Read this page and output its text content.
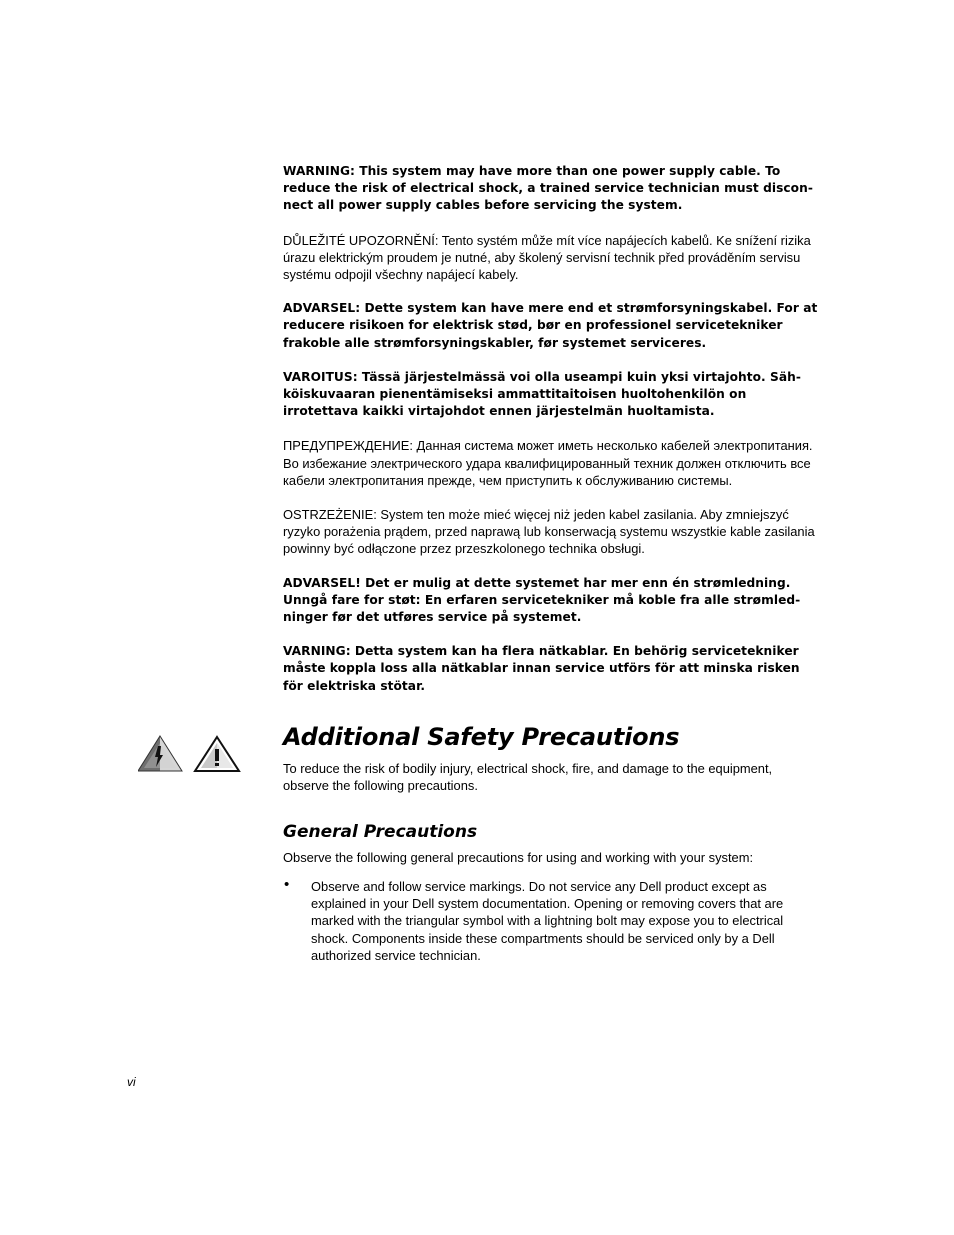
WARNING: This system may have more than one power supply cable. To reduce the risk of electrical shock, a trained service technician must discon-nect all power supply cables before servicing the system.

DŮLEŽITÉ UPOZORNĚNÍ: Tento systém může mít více napájecích kabelů. Ke snížení rizika úrazu elektrickým proudem je nutné, aby školený servisní technik před prováděním servisu systému odpojil všechny napájecí kabely.

ADVARSEL: Dette system kan have mere end et strømforsyningskabel. For at reducere risikoen for elektrisk stød, bør en professionel servicetekniker frakoble alle strømforsyningskabler, før systemet serviceres.

VAROITUS: Tässä järjestelmässä voi olla useampi kuin yksi virtajohto. Säh-köiskuvaaran pienentämiseksi ammattitaitoisen huoltohenkilön on irrotettava kaikki virtajohdot ennen järjestelmän huoltamista.

ПРЕДУПРЕЖДЕНИЕ: Данная система может иметь несколько кабелей электропитания. Во избежание электрического удара квалифицированный техник должен отключить все кабели электропитания прежде, чем приступить к обслуживанию системы.

OSTRZEŻENIE: System ten może mieć więcej niż jeden kabel zasilania. Aby zmniejszyć ryzyko porażenia prądem, przed naprawą lub konserwacją systemu wszystkie kable zasilania powinny być odłączone przez przeszkolonego technika obsługi.

ADVARSEL! Det er mulig at dette systemet har mer enn én strømledning. Unngå fare for støt: En erfaren servicetekniker må koble fra alle strømled-ninger før det utføres service på systemet.

VARNING: Detta system kan ha flera nätkablar. En behörig servicetekniker måste koppla loss alla nätkablar innan service utförs för att minska risken för elektriska stötar.

Additional Safety Precautions

To reduce the risk of bodily injury, electrical shock, fire, and damage to the equipment, observe the following precautions.

General Precautions

Observe the following general precautions for using and working with your system:

• Observe and follow service markings. Do not service any Dell product except as explained in your Dell system documentation. Opening or removing covers that are marked with the triangular symbol with a lightning bolt may expose you to electrical shock. Components inside these compartments should be serviced only by a Dell authorized service technician.
vi
